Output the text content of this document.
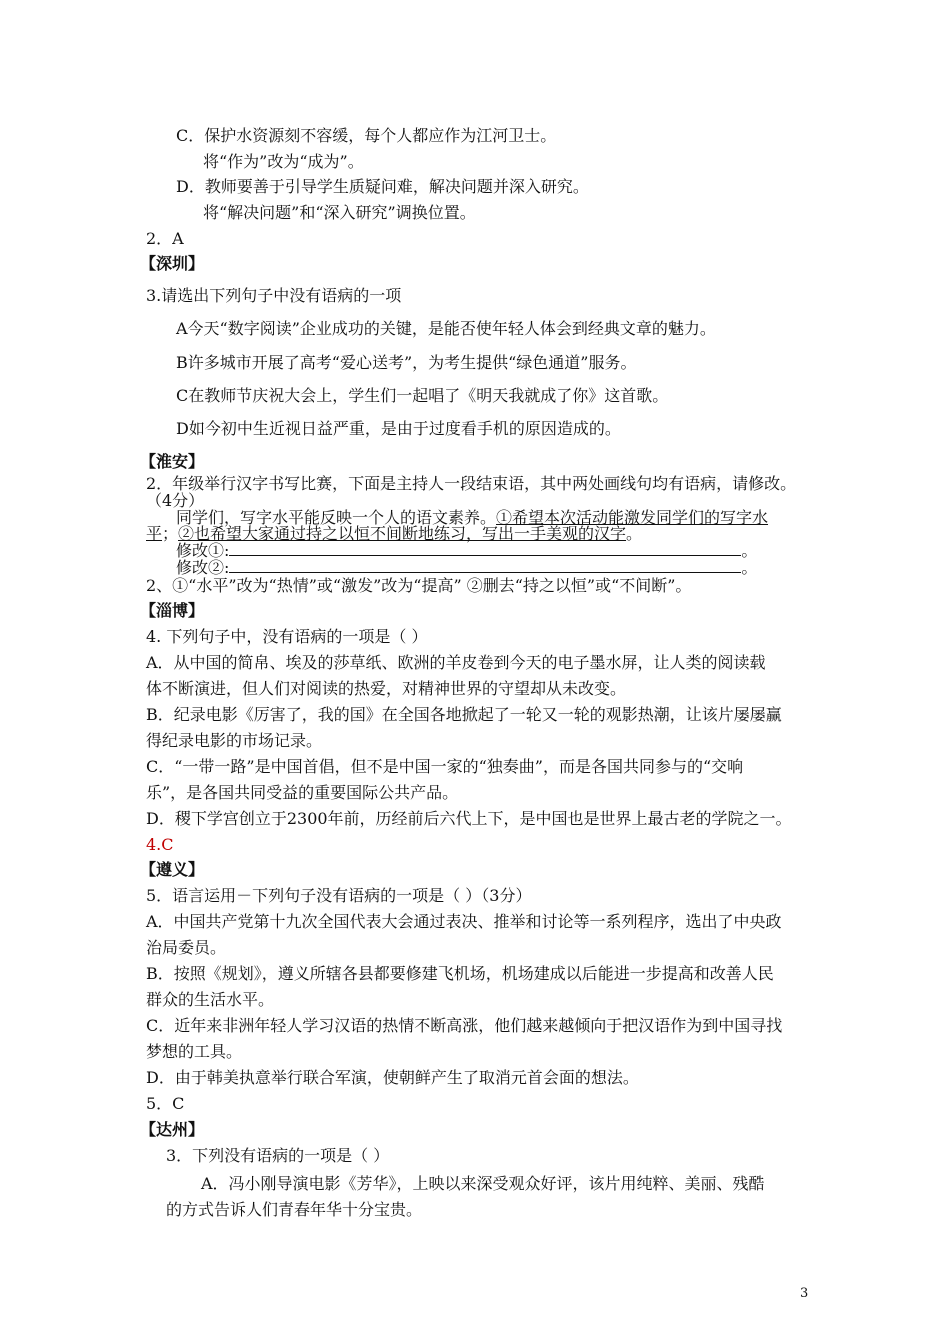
C．保护水资源刻不容缓，每个人都应作为江河卫士。
将“作为”改为“成为”。
D．教师要善于引导学生质疑问难，解决问题并深入研究。
将“解决问题”和“深入研究”调换位置。
2．A
【深圳】
3.请选出下列句子中没有语病的一项
A今天“数字阅读”企业成功的关键，是能否使年轻人体会到经典文章的魅力。
B许多城市开展了高考“爱心送考”，为考生提供“绿色通道”服务。
C在教师节庆祝大会上，学生们一起唱了《明天我就成了你》这首歌。
D如今初中生近视日益严重，是由于过度看手机的原因造成的。
【淮安】
2．年级举行汉字书写比赛，下面是主持人一段结束语，其中两处画线句均有语病，请修改。
（4分）
同学们，写字水平能反映一个人的语文素养。①希望本次活动能激发同学们的写字水
平；②也希望大家通过持之以恒不间断地练习，写出一手美观的汉字。
修改①:	。
修改②:	。
2、①“水平”改为“热情”或“激发”改为“提高” ②删去“持之以恒”或“不间断”。
【淄博】
4. 下列句子中，没有语病的一项是（ ）
A．从中国的简帛、埃及的莎草纸、欧洲的羊皮卷到今天的电子墨水屏，让人类的阅读载
体不断演进，但人们对阅读的热爱，对精神世界的守望却从未改变。
B．纪录电影《厉害了，我的国》在全国各地掀起了一轮又一轮的观影热潮，让该片屡屡赢
得纪录电影的市场记录。
C．“一带一路”是中国首倡，但不是中国一家的“独奏曲”，而是各国共同参与的“交响
乐”，是各国共同受益的重要国际公共产品。
D．稷下学宫创立于2300年前，历经前后六代上下，是中国也是世界上最古老的学院之一。
4.C
【遵义】
5．语言运用－下列句子没有语病的一项是（ ）（3分）
A．中国共产党第十九次全国代表大会通过表决、推举和讨论等一系列程序，选出了中央政
治局委员。
B．按照《规划》，遵义所辖各县都要修建飞机场，机场建成以后能进一步提高和改善人民
群众的生活水平。
C．近年来非洲年轻人学习汉语的热情不断高涨，他们越来越倾向于把汉语作为到中国寻找
梦想的工具。
D．由于韩美执意举行联合军演，使朝鲜产生了取消元首会面的想法。
5．C
【达州】
3．下列没有语病的一项是（ ）
A．冯小刚导演电影《芳华》，上映以来深受观众好评，该片用纯粹、美丽、残酷
的方式告诉人们青春年华十分宝贵。
3
